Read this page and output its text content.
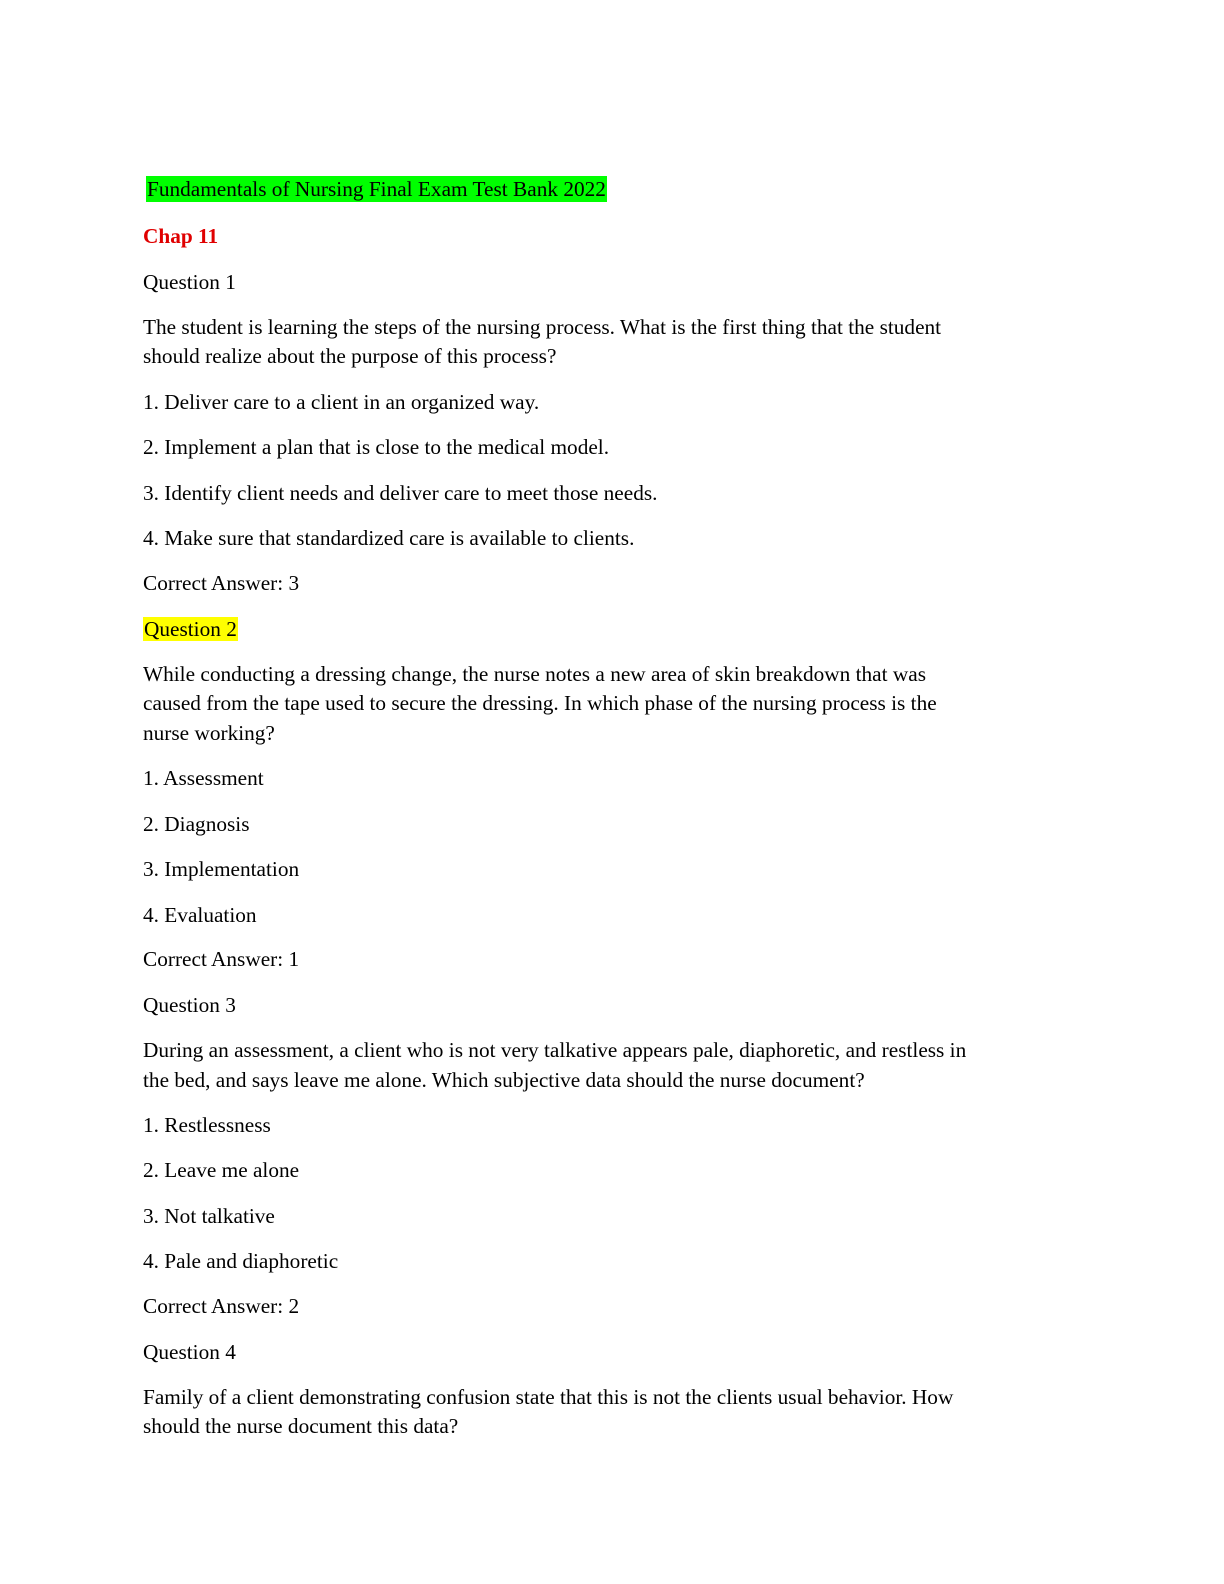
Fundamentals of Nursing Final Exam Test Bank 2022
Chap 11
Question 1
The student is learning the steps of the nursing process. What is the first thing that the student
should realize about the purpose of this process?
1. Deliver care to a client in an organized way.
2. Implement a plan that is close to the medical model.
3. Identify client needs and deliver care to meet those needs.
4. Make sure that standardized care is available to clients.
Correct Answer: 3
Question 2
While conducting a dressing change, the nurse notes a new area of skin breakdown that was
caused from the tape used to secure the dressing. In which phase of the nursing process is the
nurse working?
1. Assessment
2. Diagnosis
3. Implementation
4. Evaluation
Correct Answer: 1
Question 3
During an assessment, a client who is not very talkative appears pale, diaphoretic, and restless in
the bed, and says leave me alone. Which subjective data should the nurse document?
1. Restlessness
2. Leave me alone
3. Not talkative
4. Pale and diaphoretic
Correct Answer: 2
Question 4
Family of a client demonstrating confusion state that this is not the clients usual behavior. How
should the nurse document this data?
